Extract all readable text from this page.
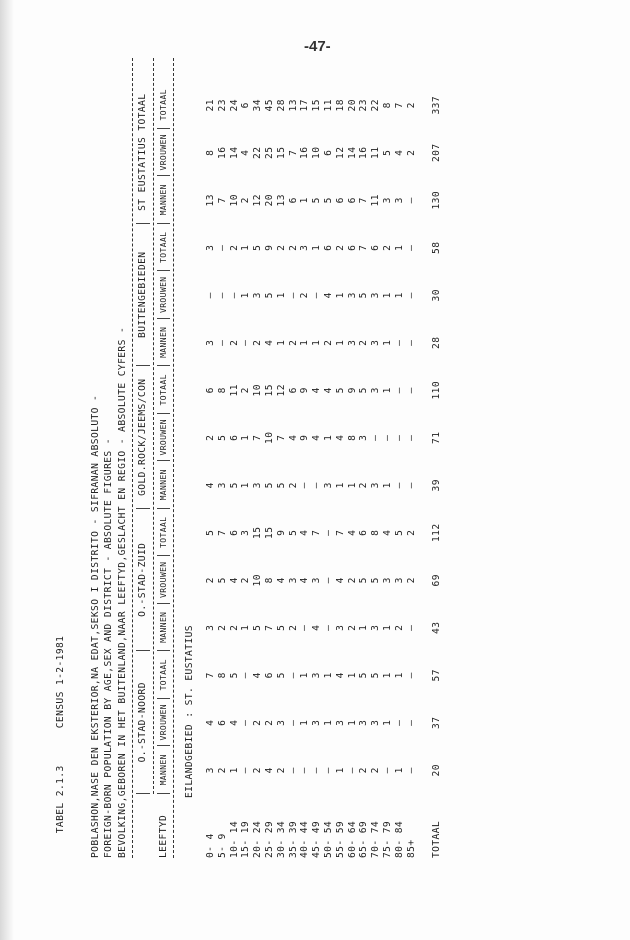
-47-

TABEL 2.1.3      CENSUS 1-2-1981
	POBLASHON,NASE DEN EKSTERIOR,NA EDAT,SEKSO I DISTRITO - SIFRANAN ABSOLUTO - FOREIGN-BORN POPULATION BY AGE,SEX AND DISTRICT - ABSOLUTE FIGURES - BEVOLKING,GEBOREN IN HET BUITENLAND,NAAR LEEFTYD,GESLACHT EN REGIO - ABSOLUTE CYFERS - O.-STAD-NOORD
O.-STAD-ZUID
GOLD.ROCK/JEEMS/CON
BUITENGEBIEDEN
ST EUSTATIUS TOTAAL
LEEFTYD
MANNEN
VROUWEN
TOTAAL
MANNEN
VROUWEN
TOTAAL
MANNEN
VROUWEN
TOTAAL
MANNEN
VROUWEN
TOTAAL
MANNEN
VROUWEN
TOTAAL
EILANDGEBIED : ST. EUSTATIUS
0- 4
3
4
7
3
2
5
4
2
6
3
–
3
13
8
21
5- 9
2
6
8
2
5
7
3
5
8
–
–
–
7
16
23
10- 14
1
4
5
2
4
6
5
6
11
2
–
2
10
14
24
15- 19
–
–
–
1
2
3
1
1
2
–
1
1
2
4
6
20- 24
2
2
4
5
10
15
3
7
10
2
3
5
12
22
34
25- 29
4
2
6
7
8
15
5
10
15
4
5
9
20
25
45
30- 34
2
3
5
5
4
9
5
7
12
1
1
2
13
15
28
35- 39
–
–
–
2
3
5
2
4
6
2
–
2
6
7
13
40- 44
–
1
1
–
4
4
–
9
9
1
2
3
1
16
17
45- 49
–
3
3
4
3
7
–
4
4
1
–
1
5
10
15
50- 54
–
1
1
–
–
–
3
1
4
2
4
6
5
6
11
55- 59
1
3
4
3
4
7
1
4
5
1
1
2
6
12
18
60- 64
–
1
1
2
2
4
1
8
9
3
3
6
6
14
20
65- 69
2
3
5
1
5
6
2
3
5
2
5
7
7
16
23
70- 74
2
3
5
3
5
8
3
–
3
3
3
6
11
11
22
75- 79
–
1
1
1
3
4
1
–
1
1
1
2
3
5
8
80- 84
1
–
1
2
3
5
–
–
–
–
1
1
3
4
7
85+
–
–
–
–
2
2
–
–
–
–
–
–
–
2
2
TOTAAL
20
37
57
43
69
112
39
71
110
28
30
58
130
207
337
